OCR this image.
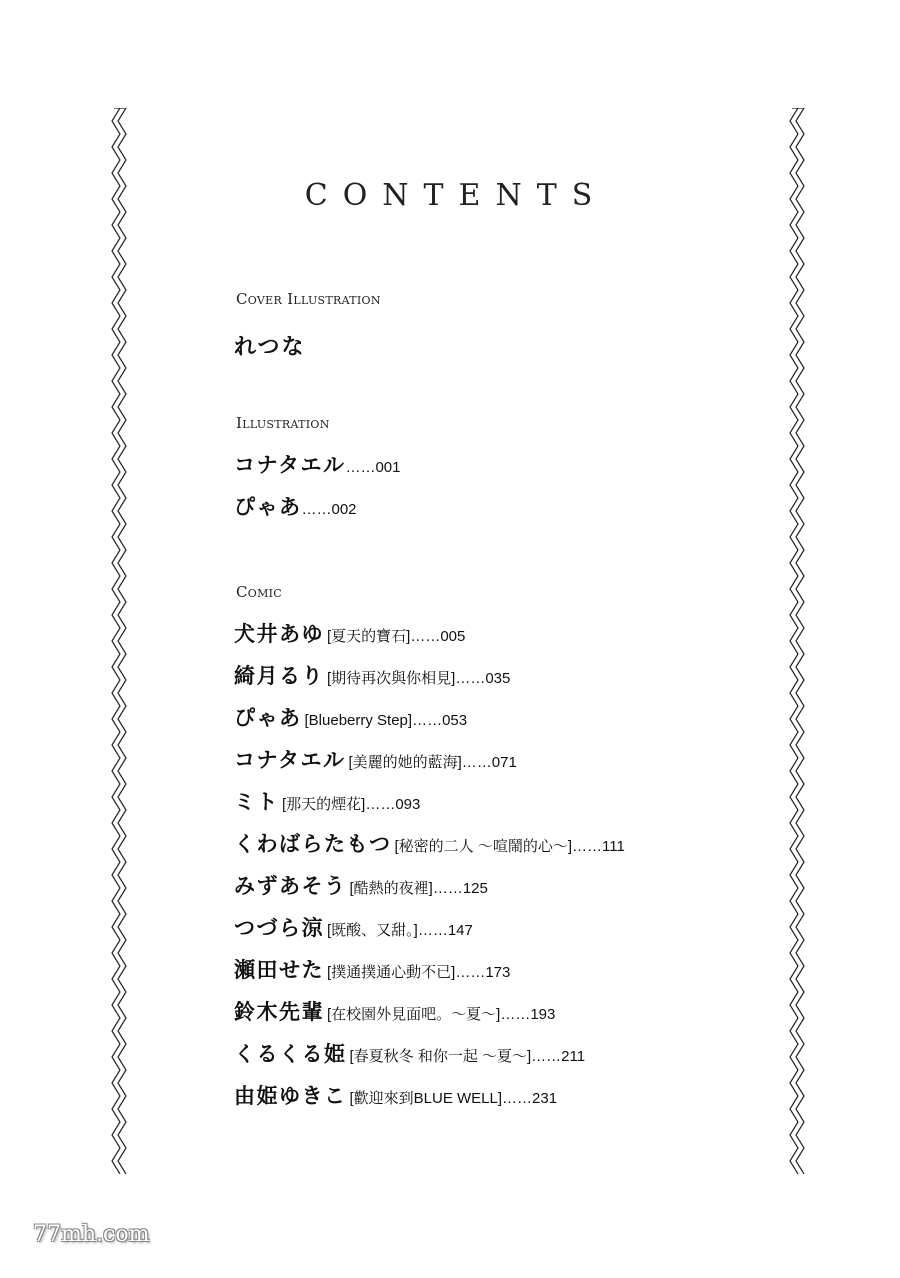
CONTENTS
Cover Illustration
れつな
Illustration
コナタエル……001
ぴゃあ……002
Comic
犬井あゆ [夏天的寶石]……005
綺月るり [期待再次與你相見]……035
ぴゃあ [Blueberry Step]……053
コナタエル [美麗的她的藍海]……071
ミト [那天的煙花]……093
くわばらたもつ [秘密的二人 ～喧鬧的心～]……111
みずあそう [酷熱的夜裡]……125
つづら涼 [既酸、又甜。]……147
瀬田せた [撲通撲通心動不已]……173
鈴木先輩 [在校園外見面吧。～夏～]……193
くるくる姫 [春夏秋冬 和你一起 ～夏～]……211
由姫ゆきこ [歡迎來到BLUE WELL]……231
77mh.com
